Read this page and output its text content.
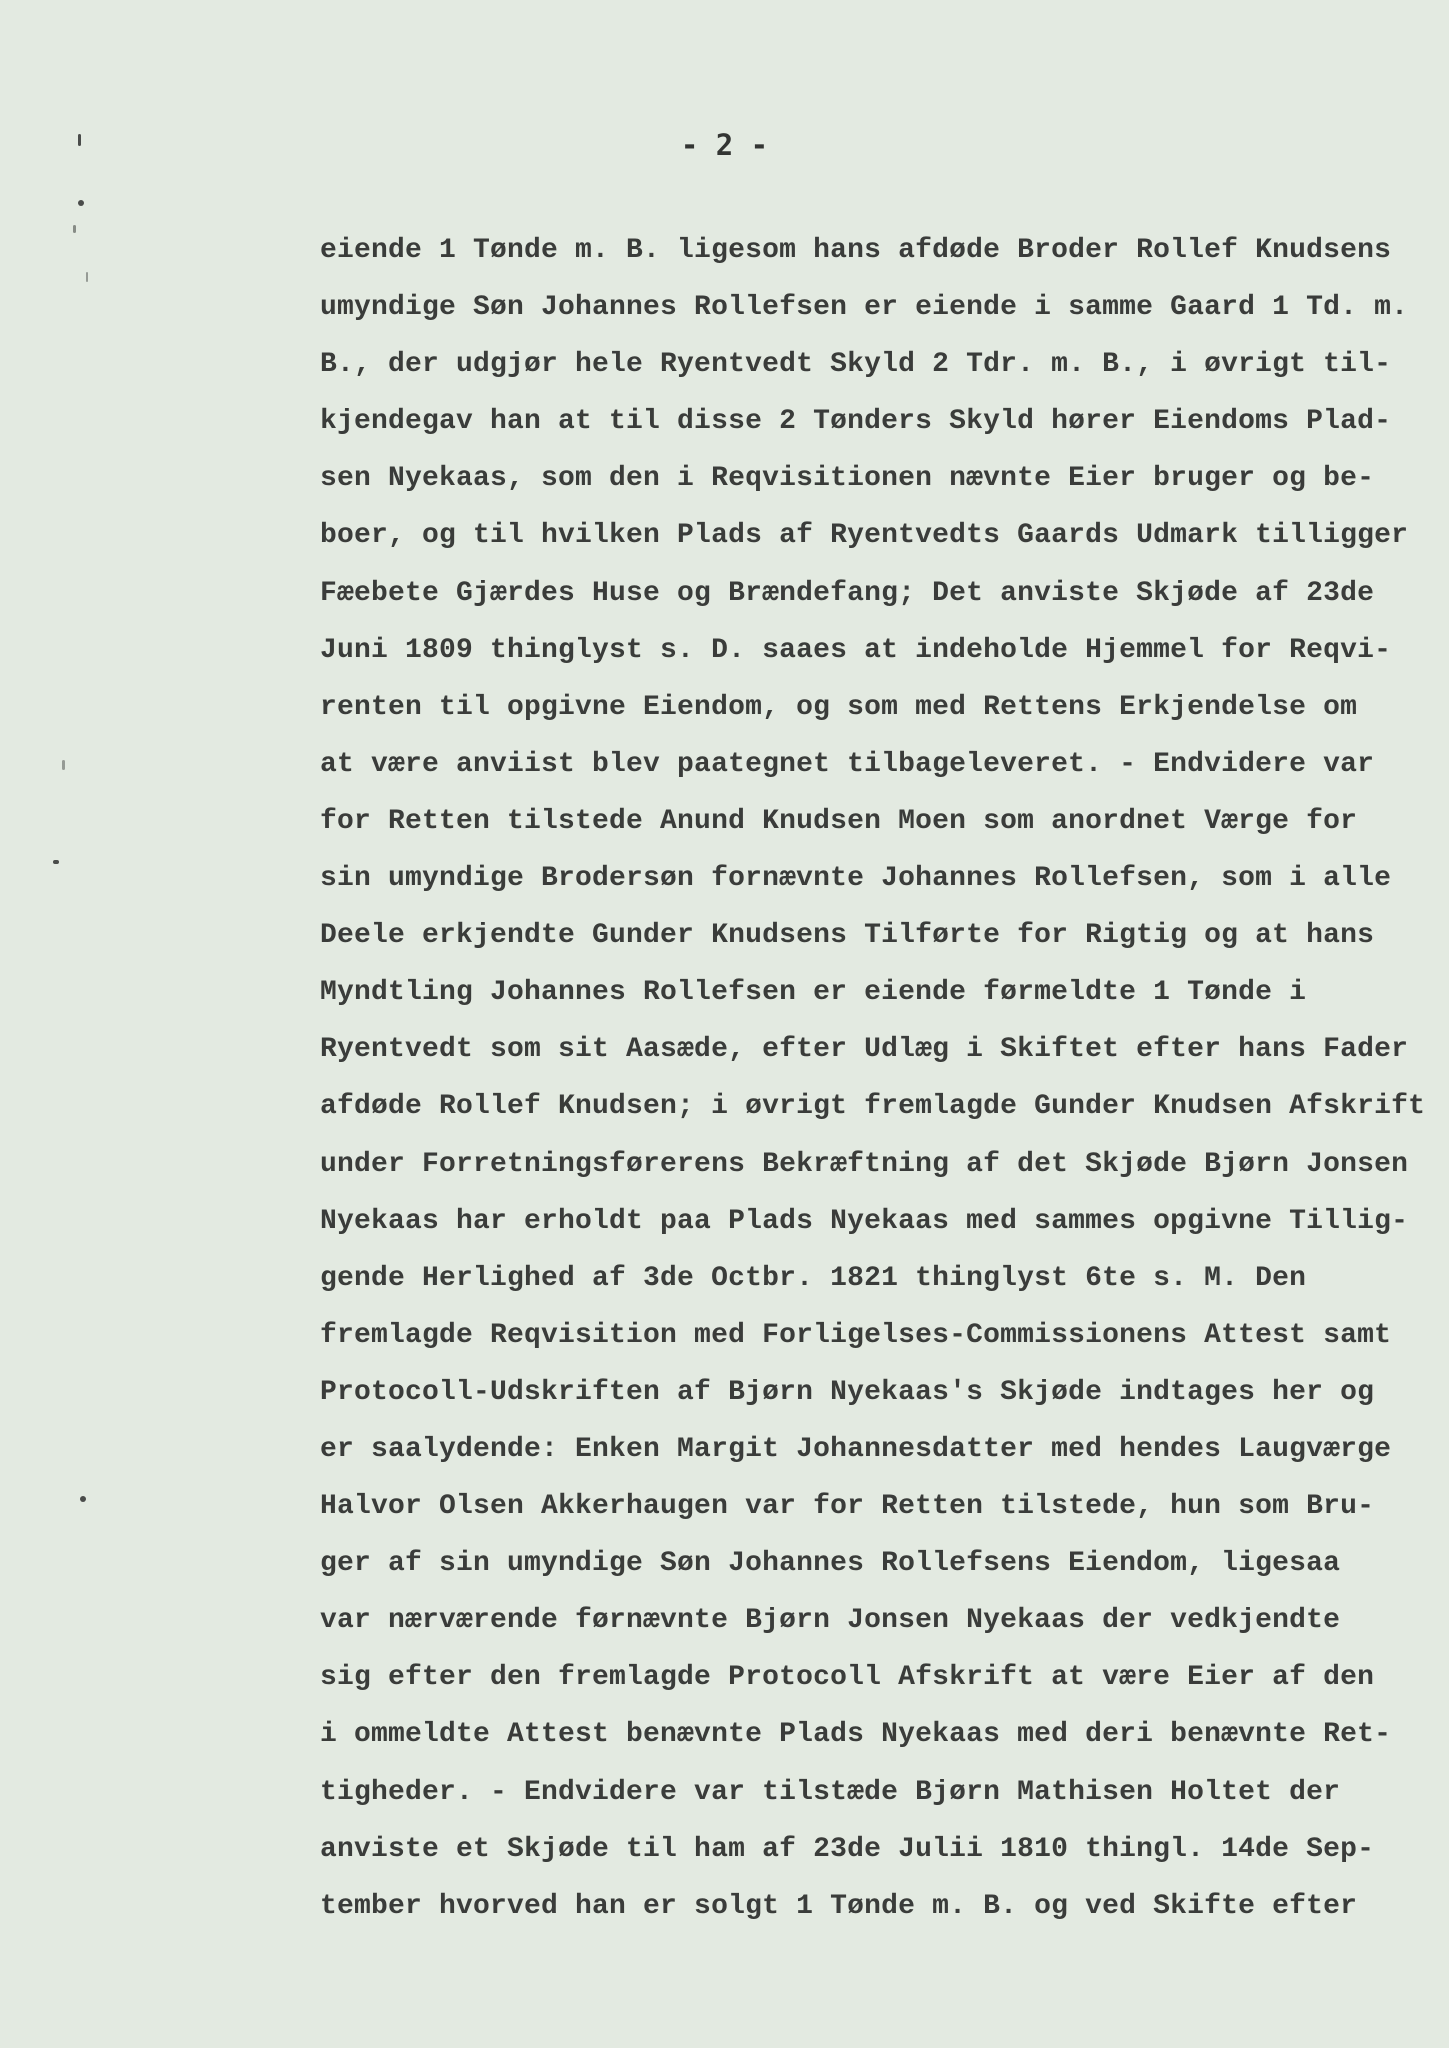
- 2 -
eiende 1 Tønde m. B. ligesom hans afdøde Broder Rollef Knudsens
umyndige Søn Johannes Rollefsen er eiende i samme Gaard 1 Td. m.
B., der udgjør hele Ryentvedt Skyld 2 Tdr. m. B., i øvrigt til-
kjendegav han at til disse 2 Tønders Skyld hører Eiendoms Plad-
sen Nyekaas, som den i Reqvisitionen nævnte Eier bruger og be-
boer, og til hvilken Plads af Ryentvedts Gaards Udmark tilligger
Fæebete Gjærdes Huse og Brændefang; Det anviste Skjøde af 23de
Juni 1809 thinglyst s. D. saaes at indeholde Hjemmel for Reqvi-
renten til opgivne Eiendom, og som med Rettens Erkjendelse om
at være anviist blev paategnet tilbageleveret. - Endvidere var
for Retten tilstede Anund Knudsen Moen som anordnet Værge for
sin umyndige Brodersøn fornævnte Johannes Rollefsen, som i alle
Deele erkjendte Gunder Knudsens Tilførte for Rigtig og at hans
Myndtling Johannes Rollefsen er eiende førmeldte 1 Tønde i
Ryentvedt som sit Aasæde, efter Udlæg i Skiftet efter hans Fader
afdøde Rollef Knudsen; i øvrigt fremlagde Gunder Knudsen Afskrift
under Forretningsførerens Bekræftning af det Skjøde Bjørn Jonsen
Nyekaas har erholdt paa Plads Nyekaas med sammes opgivne Tillig-
gende Herlighed af 3de Octbr. 1821 thinglyst 6te s. M. Den
fremlagde Reqvisition med Forligelses-Commissionens Attest samt
Protocoll-Udskriften af Bjørn Nyekaas's Skjøde indtages her og
er saalydende: Enken Margit Johannesdatter med hendes Laugværge
Halvor Olsen Akkerhaugen var for Retten tilstede, hun som Bru-
ger af sin umyndige Søn Johannes Rollefsens Eiendom, ligesaa
var nærværende førnævnte Bjørn Jonsen Nyekaas der vedkjendte
sig efter den fremlagde Protocoll Afskrift at være Eier af den
i ommeldte Attest benævnte Plads Nyekaas med deri benævnte Ret-
tigheder. - Endvidere var tilstæde Bjørn Mathisen Holtet der
anviste et Skjøde til ham af 23de Julii 1810 thingl. 14de Sep-
tember hvorved han er solgt 1 Tønde m. B. og ved Skifte efter
